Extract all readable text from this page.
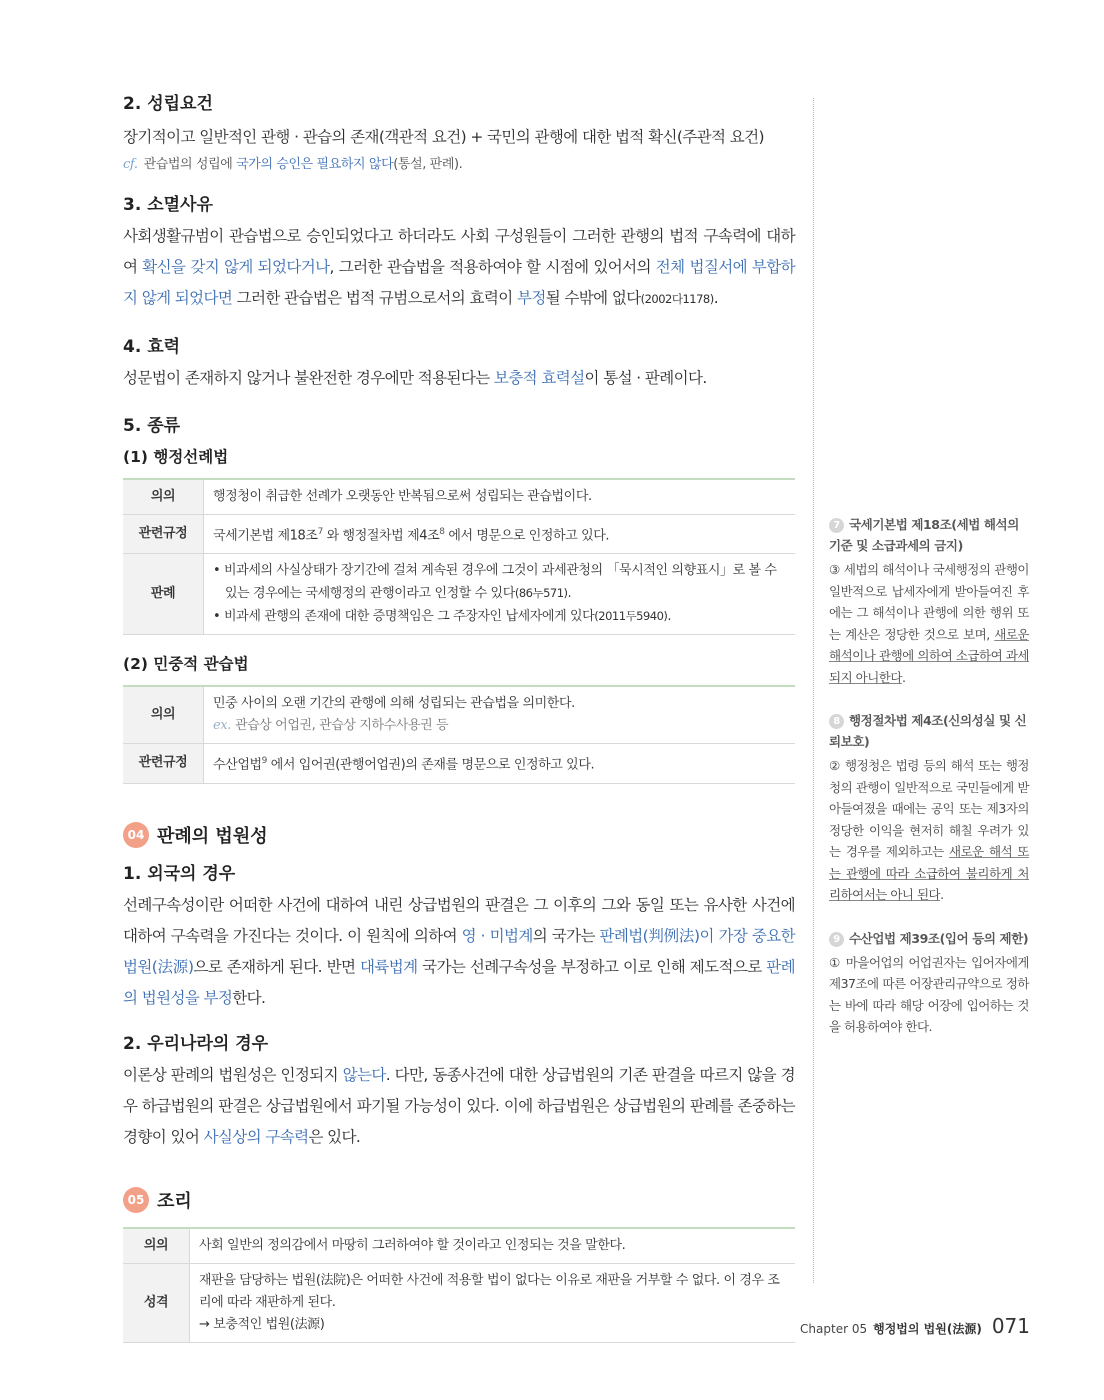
2. 성립요건

장기적이고 일반적인 관행 · 관습의 존재(객관적 요건) + 국민의 관행에 대한 법적 확신(주관적 요건)

cf. 관습법의 성립에 국가의 승인은 필요하지 않다(통설, 판례).

3. 소멸사유

사회생활규범이 관습법으로 승인되었다고 하더라도 사회 구성원들이 그러한 관행의 법적 구속력에 대하여 확신을 갖지 않게 되었다거나, 그러한 관습법을 적용하여야 할 시점에 있어서의 전체 법질서에 부합하지 않게 되었다면 그러한 관습법은 법적 규범으로서의 효력이 부정될 수밖에 없다(2002다1178).

4. 효력

성문법이 존재하지 않거나 불완전한 경우에만 적용된다는 보충적 효력설이 통설 · 판례이다.

5. 종류
(1) 행정선례법
의의	행정청이 취급한 선례가 오랫동안 반복됨으로써 성립되는 관습법이다.
관련규정	국세기본법 제18조$^7$ 와 행정절차법 제4조$^8$ 에서 명문으로 인정하고 있다.
판례	• 비과세의 사실상태가 장기간에 걸쳐 계속된 경우에 그것이 과세관청의 「묵시적인 의향표시」로 볼 수 있는 경우에는 국세행정의 관행이라고 인정할 수 있다(86누571).
• 비과세 관행의 존재에 대한 증명책임은 그 주장자인 납세자에게 있다(2011두5940).
(2) 민중적 관습법
의의	민중 사이의 오랜 기간의 관행에 의해 성립되는 관습법을 의미한다.
ex. 관습상 어업권, 관습상 지하수사용권 등

관련규정	수산업법$^9$ 에서 입어권(관행어업권)의 존재를 명문으로 인정하고 있다.
04 판례의 법원성
1. 외국의 경우

선례구속성이란 어떠한 사건에 대하여 내린 상급법원의 판결은 그 이후의 그와 동일 또는 유사한 사건에 대하여 구속력을 가진다는 것이다. 이 원칙에 의하여 영 · 미법계의 국가는 판례법(判例法)이 가장 중요한 법원(法源)으로 존재하게 된다. 반면 대륙법계 국가는 선례구속성을 부정하고 이로 인해 제도적으로 판례의 법원성을 부정한다.

2. 우리나라의 경우

이론상 판례의 법원성은 인정되지 않는다. 다만, 동종사건에 대한 상급법원의 기존 판결을 따르지 않을 경우 하급법원의 판결은 상급법원에서 파기될 가능성이 있다. 이에 하급법원은 상급법원의 판례를 존중하는 경향이 있어 사실상의 구속력은 있다.

05 조리
의의	사회 일반의 정의감에서 마땅히 그러하여야 할 것이라고 인정되는 것을 말한다.
성격	재판을 담당하는 법원(法院)은 어떠한 사건에 적용할 법이 없다는 이유로 재판을 거부할 수 없다. 이 경우 조리에 따라 재판하게 된다.
→ 보충적인 법원(法源)
7 국세기본법 제18조(세법 해석의 기준 및 소급과세의 금지)
③ 세법의 해석이나 국세행정의 관행이 일반적으로 납세자에게 받아들여진 후에는 그 해석이나 관행에 의한 행위 또는 계산은 정당한 것으로 보며, 새로운 해석이나 관행에 의하여 소급하여 과세되지 아니한다.
8 행정절차법 제4조(신의성실 및 신뢰보호)
② 행정청은 법령 등의 해석 또는 행정청의 관행이 일반적으로 국민들에게 받아들여졌을 때에는 공익 또는 제3자의 정당한 이익을 현저히 해칠 우려가 있는 경우를 제외하고는 새로운 해석 또는 관행에 따라 소급하여 불리하게 처리하여서는 아니 된다.
9 수산업법 제39조(입어 등의 제한)
① 마을어업의 어업권자는 입어자에게 제37조에 따른 어장관리규약으로 정하는 바에 따라 해당 어장에 입어하는 것을 허용하여야 한다.
Chapter 05 행정법의 법원(法源) 071
